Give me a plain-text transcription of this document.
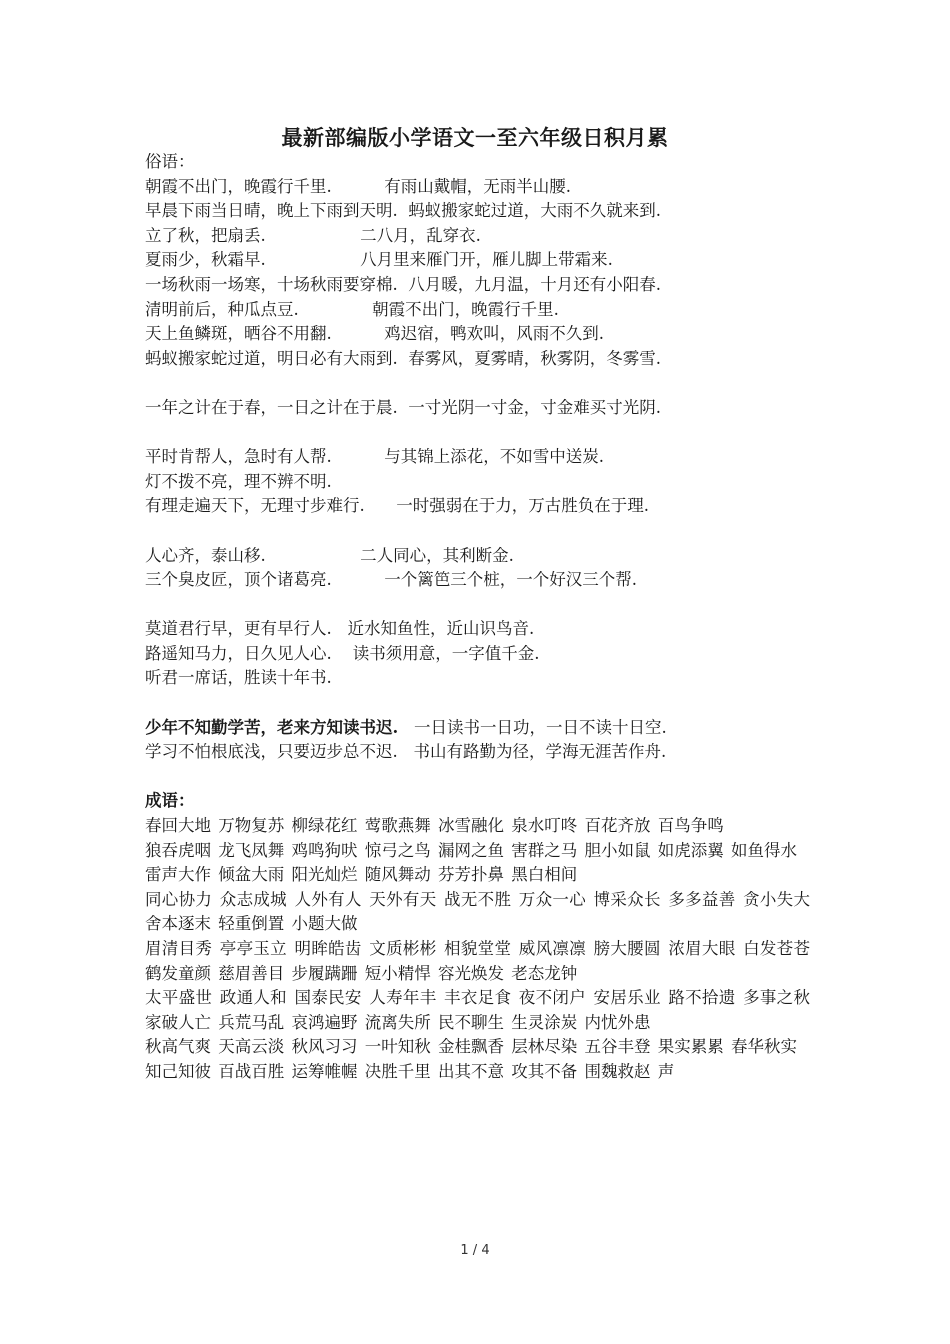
最新部编版小学语文一至六年级日积月累
俗语：
朝霞不出门，晚霞行千里.          有雨山戴帽，无雨半山腰.
早晨下雨当日晴，晚上下雨到天明.  蚂蚁搬家蛇过道，大雨不久就来到.
立了秋，把扇丢.                  二八月，乱穿衣.
夏雨少，秋霜早.                  八月里来雁门开，雁儿脚上带霜来.
一场秋雨一场寒，十场秋雨要穿棉.  八月暖，九月温，十月还有小阳春.
清明前后，种瓜点豆.              朝霞不出门，晚霞行千里.
天上鱼鳞斑，晒谷不用翻.          鸡迟宿，鸭欢叫，风雨不久到.
蚂蚁搬家蛇过道，明日必有大雨到.  春雾风，夏雾晴，秋雾阴，冬雾雪.
一年之计在于春，一日之计在于晨.  一寸光阴一寸金，寸金难买寸光阴.
平时肯帮人，急时有人帮.          与其锦上添花，不如雪中送炭.
灯不拨不亮，理不辨不明.
有理走遍天下，无理寸步难行.      一时强弱在于力，万古胜负在于理.
人心齐，泰山移.                  二人同心，其利断金.
三个臭皮匠，顶个诸葛亮.          一个篱笆三个桩，一个好汉三个帮.
莫道君行早，更有早行人.   近水知鱼性，近山识鸟音.
路遥知马力，日久见人心.    读书须用意，一字值千金.
听君一席话，胜读十年书.
少年不知勤学苦，老来方知读书迟.   一日读书一日功，一日不读十日空.
学习不怕根底浅，只要迈步总不迟.   书山有路勤为径，学海无涯苦作舟.
成语：
春回大地 万物复苏 柳绿花红 莺歌燕舞 冰雪融化 泉水叮咚 百花齐放 百鸟争鸣
狼吞虎咽 龙飞凤舞 鸡鸣狗吠 惊弓之鸟 漏网之鱼 害群之马 胆小如鼠 如虎添翼 如鱼得水
雷声大作 倾盆大雨 阳光灿烂 随风舞动 芬芳扑鼻 黑白相间
同心协力 众志成城 人外有人 天外有天 战无不胜 万众一心 博采众长 多多益善 贪小失大 舍本逐末 轻重倒置 小题大做
眉清目秀 亭亭玉立 明眸皓齿 文质彬彬 相貌堂堂 威风凛凛 膀大腰圆 浓眉大眼 白发苍苍 鹤发童颜 慈眉善目 步履蹒跚 短小精悍 容光焕发 老态龙钟
太平盛世 政通人和 国泰民安 人寿年丰 丰衣足食 夜不闭户 安居乐业 路不拾遗 多事之秋 家破人亡 兵荒马乱 哀鸿遍野 流离失所 民不聊生 生灵涂炭 内忧外患
秋高气爽 天高云淡 秋风习习 一叶知秋 金桂飘香 层林尽染 五谷丰登 果实累累 春华秋实
知己知彼 百战百胜 运筹帷幄 决胜千里 出其不意 攻其不备 围魏救赵 声
1 / 4
